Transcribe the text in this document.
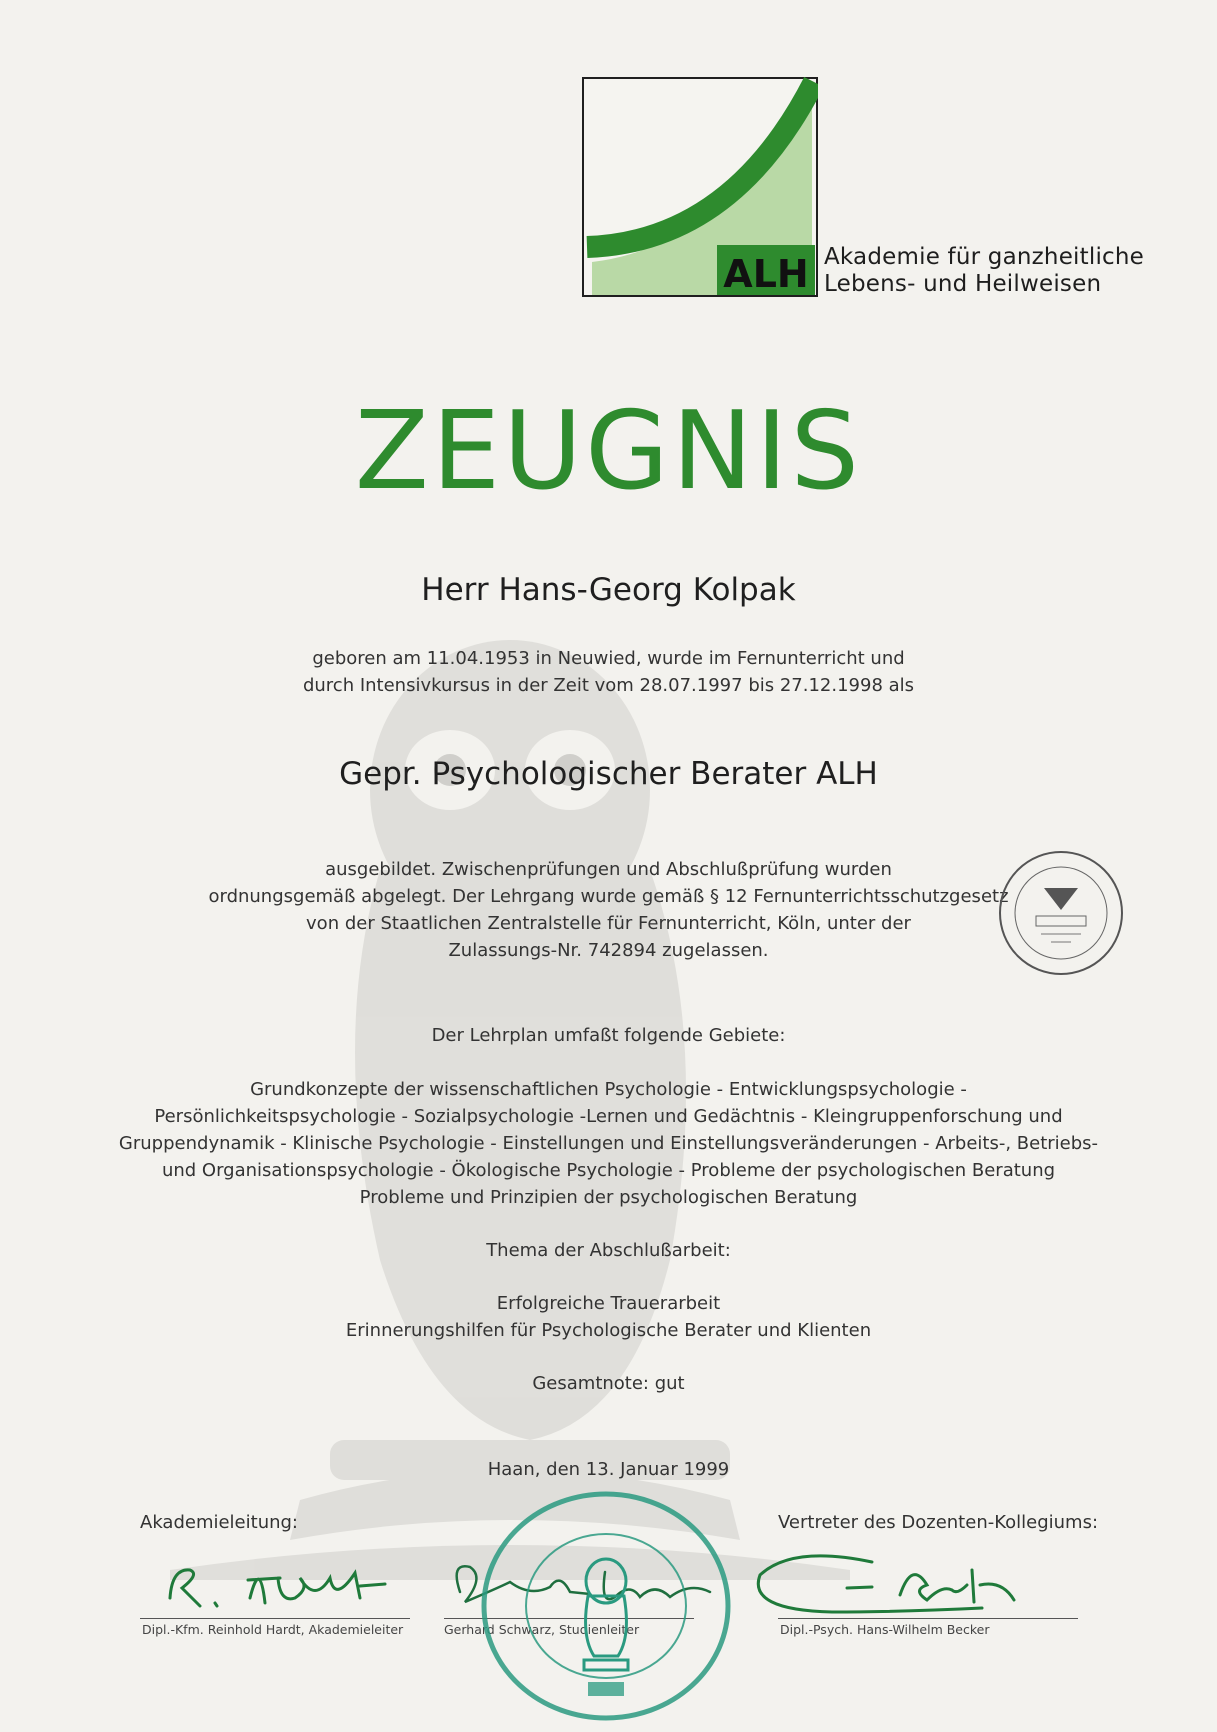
ALH Akademie für ganzheitliche
Lebens- und Heilweisen
ZEUGNIS
Herr Hans-Georg Kolpak
geboren am 11.04.1953 in Neuwied, wurde im Fernunterricht und
durch Intensivkursus in der Zeit vom 28.07.1997 bis 27.12.1998 als
Gepr. Psychologischer Berater ALH
ausgebildet. Zwischenprüfungen und Abschlußprüfung wurden
ordnungsgemäß abgelegt. Der Lehrgang wurde gemäß § 12 Fernunterrichtsschutzgesetz
von der Staatlichen Zentralstelle für Fernunterricht, Köln, unter der
Zulassungs-Nr. 742894 zugelassen.
Der Lehrplan umfaßt folgende Gebiete:
Grundkonzepte der wissenschaftlichen Psychologie - Entwicklungspsychologie -
Persönlichkeitspsychologie - Sozialpsychologie -Lernen und Gedächtnis - Kleingruppenforschung und
Gruppendynamik - Klinische Psychologie - Einstellungen und Einstellungsveränderungen - Arbeits-, Betriebs-
und Organisationspsychologie - Ökologische Psychologie - Probleme der psychologischen Beratung
Probleme und Prinzipien der psychologischen Beratung
Thema der Abschlußarbeit:
Erfolgreiche Trauerarbeit
Erinnerungshilfen für Psychologische Berater und Klienten
Gesamtnote: gut
Haan, den 13. Januar 1999
Akademieleitung:	Vertreter des Dozenten-Kollegiums:
Dipl.-Kfm. Reinhold Hardt, Akademieleiter	Gerhard Schwarz, Studienleiter	Dipl.-Psych. Hans-Wilhelm Becker
